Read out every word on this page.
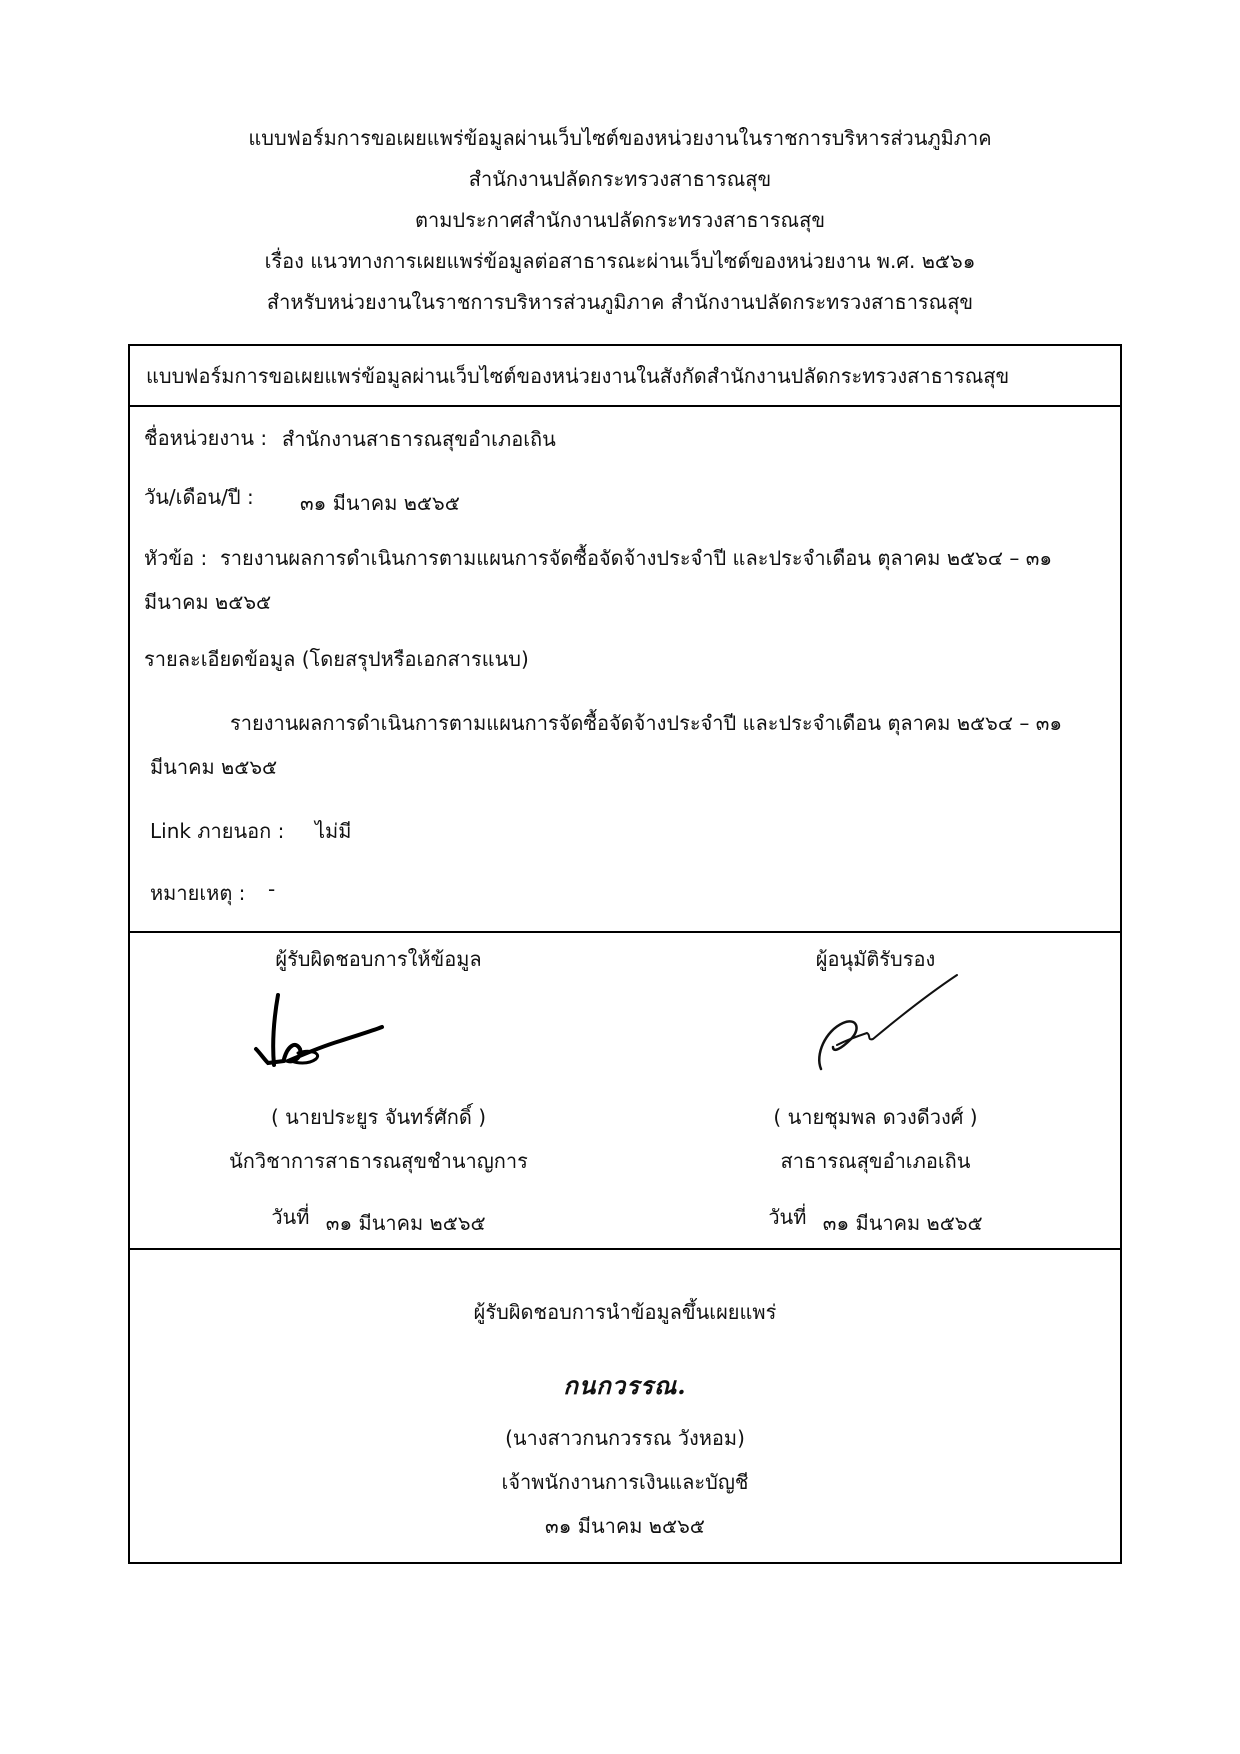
แบบฟอร์มการขอเผยแพร่ข้อมูลผ่านเว็บไซต์ของหน่วยงานในราชการบริหารส่วนภูมิภาค
สำนักงานปลัดกระทรวงสาธารณสุข
ตามประกาศสำนักงานปลัดกระทรวงสาธารณสุข
เรื่อง แนวทางการเผยแพร่ข้อมูลต่อสาธารณะผ่านเว็บไซต์ของหน่วยงาน พ.ศ. ๒๕๖๑
สำหรับหน่วยงานในราชการบริหารส่วนภูมิภาค สำนักงานปลัดกระทรวงสาธารณสุข
แบบฟอร์มการขอเผยแพร่ข้อมูลผ่านเว็บไซต์ของหน่วยงานในสังกัดสำนักงานปลัดกระทรวงสาธารณสุข
ชื่อหน่วยงาน : สำนักงานสาธารณสุขอำเภอเถิน
วัน/เดือน/ปี : ๓๑ มีนาคม ๒๕๖๕
หัวข้อ : รายงานผลการดำเนินการตามแผนการจัดซื้อจัดจ้างประจำปี และประจำเดือน ตุลาคม ๒๕๖๔ – ๓๑
มีนาคม ๒๕๖๕
รายละเอียดข้อมูล (โดยสรุปหรือเอกสารแนบ)
รายงานผลการดำเนินการตามแผนการจัดซื้อจัดจ้างประจำปี และประจำเดือน ตุลาคม ๒๕๖๔ – ๓๑
มีนาคม ๒๕๖๕
Link ภายนอก : ไม่มี
หมายเหตุ : -
ผู้รับผิดชอบการให้ข้อมูล
( นายประยูร จันทร์ศักดิ์ )
นักวิชาการสาธารณสุขชำนาญการ
วันที่ ๓๑ มีนาคม ๒๕๖๕
ผู้อนุมัติรับรอง
( นายชุมพล ดวงดีวงศ์ )
สาธารณสุขอำเภอเถิน
วันที่ ๓๑ มีนาคม ๒๕๖๕
ผู้รับผิดชอบการนำข้อมูลขึ้นเผยแพร่
กนกวรรณ.
(นางสาวกนกวรรณ วังหอม)
เจ้าพนักงานการเงินและบัญชี
๓๑ มีนาคม ๒๕๖๕
